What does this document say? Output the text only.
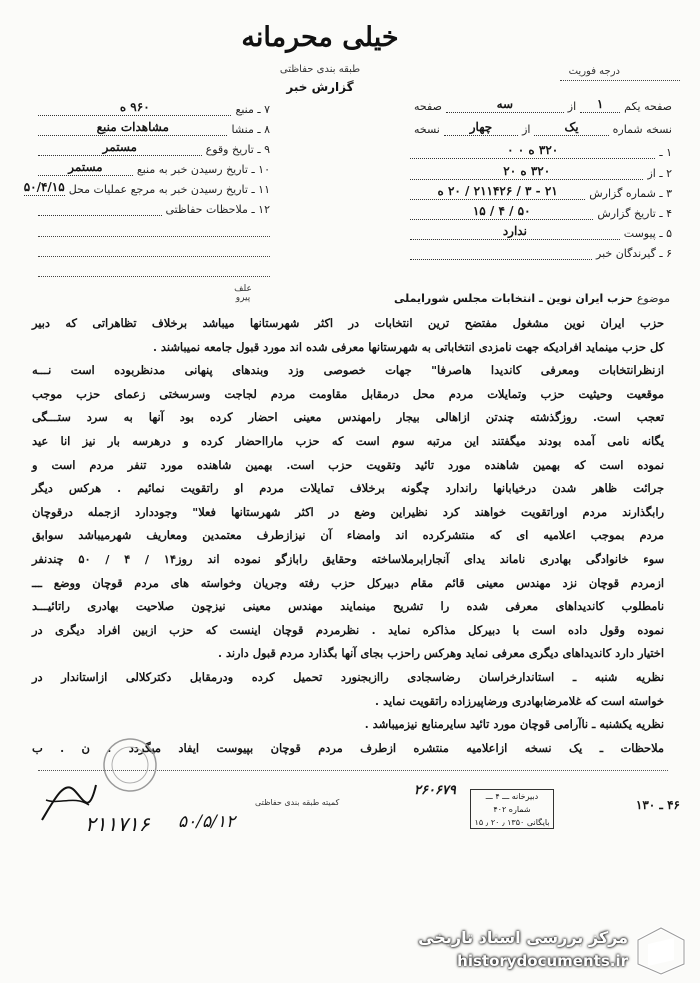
خیلی محرمانه
طبقه بندی حفاظتی
گزارش خبر
درجه فوریت
صفحه یکم
۱
از
سه
صفحه
نسخه شماره
یک
از
چهار
نسخه
۱ ـ
۳۲۰ ه ۰ ۰
۲ ـ از
۳۲۰ ه ۲۰
۳ ـ شماره گزارش
۲۱ - ۳ / ۲۱۱۴۲۶ / ۲۰ ه
۴ ـ تاریخ گزارش
۵۰ / ۴ / ۱۵
۵ ـ پیوست
ندارد
۶ ـ گیرندگان خبر
۷ ـ منبع
۹۶۰ ه
۸ ـ منشا
مشاهدات منبع
۹ ـ تاریخ وقوع
مستمر
۱۰ ـ تاریخ رسیدن خبر به منبع
مستمر
۱۱ ـ تاریخ رسیدن خبر به مرجع عملیات محل
۵۰/۴/۱۵
۱۲ ـ ملاحظات حفاظتی
علف
پیرو	موضوع حزب ایران نوین ـ انتخابات مجلس شورایملی
حزب ایران نوین مشغول مفتضح ترین انتخابات در اکثر شهرستانها میباشد برخلاف تظاهراتی که دبیر
کل حزب مینماید افرادیکه جهت نامزدی انتخاباتی به شهرستانها معرفی شده اند مورد قبول جامعه نمیباشند .
ازنظرانتخابات ومعرفی کاندیدا هاصرفا" جهات خصوصی وزد وبندهای پنهانی مدنظربوده است نـــه
موقعیت وحیثیت حزب وتمایلات مردم محل درمقابل مقاومت مردم لجاجت وسرسختی زعمای حزب موجب
تعجب است. روزگذشته چندتن ازاهالی بیجار رامهندس معینی احضار کرده بود آنها به سرد ستـــگی
یگانه نامی آمده بودند میگفتند این مرتبه سوم است که حزب مارااحضار کرده و درهرسه بار نیز انا عید
نموده است که بهمین شاهنده مورد تائید وتقویت حزب است. بهمین شاهنده مورد تنفر مردم است و
جرائت ظاهر شدن درخیابانها راندارد چگونه برخلاف تمایلات مردم او راتقویت نمائیم . هرکس دیگر
رابگذارند مردم اوراتقویت خواهند کرد نظیراین وضع در اکثر شهرستانها فعلا" وجوددارد ازجمله درقوچان
مردم بموجب اعلامیه ای که منتشرکرده اند وامضاء آن نیزازطرف معتمدین ومعاریف شهرمیباشد سوابق
سوء خانوادگی بهادری ناماند یدای آنجارابرملاساخته وحقایق رابازگو نموده اند روز۱۴ / ۴ / ۵۰ چندنفر
ازمردم قوچان نزد مهندس معینی قائم مقام دبیرکل حزب رفته وجریان وخواسته های مردم قوچان ووضع ـــ
نامطلوب کاندیداهای معرفی شده را تشریح مینمایند مهندس معینی نیزچون صلاحیت بهادری راتائیـــد
نموده وقول داده است با دبیرکل مذاکره نماید . نظرمردم قوچان اینست که حزب ازبین افراد دیگری در
اختیار دارد کاندیداهای دیگری معرفی نماید وهرکس راحزب بجای آنها بگذارد مردم قبول دارند .
نظریه شنبه ـ استاندارخراسان رضاسجادی راازبجنورد تحمیل کرده ودرمقابل دکترکلالی ازاستاندار در
خواسته است که غلامرضابهادری ورضاپیرزاده راتقویت نماید .
نظریه یکشنبه ـ ناآرامی قوچان مورد تائید سایرمنابع نیزمیباشد .
ملاحظات ـ یک نسخه ازاعلامیه منتشره ازطرف مردم قوچان بپیوست ایفاد میگردد . ن . ب
۴۶ ـ ۱۳۰
۲۶۰۶۷۹	دبیرخانه ـــ ۴ ـــ
شماره ۴۰۲
بایگانی ۱۳۵۰ ٫ ۲۰ ٫ ۱۵
کمیته طبقه بندی حفاظتی
۲۱۱۷۱۶ ۵۰/۵/۱۲
مرکز بررسی اسناد تاریخی
historydocuments.ir
